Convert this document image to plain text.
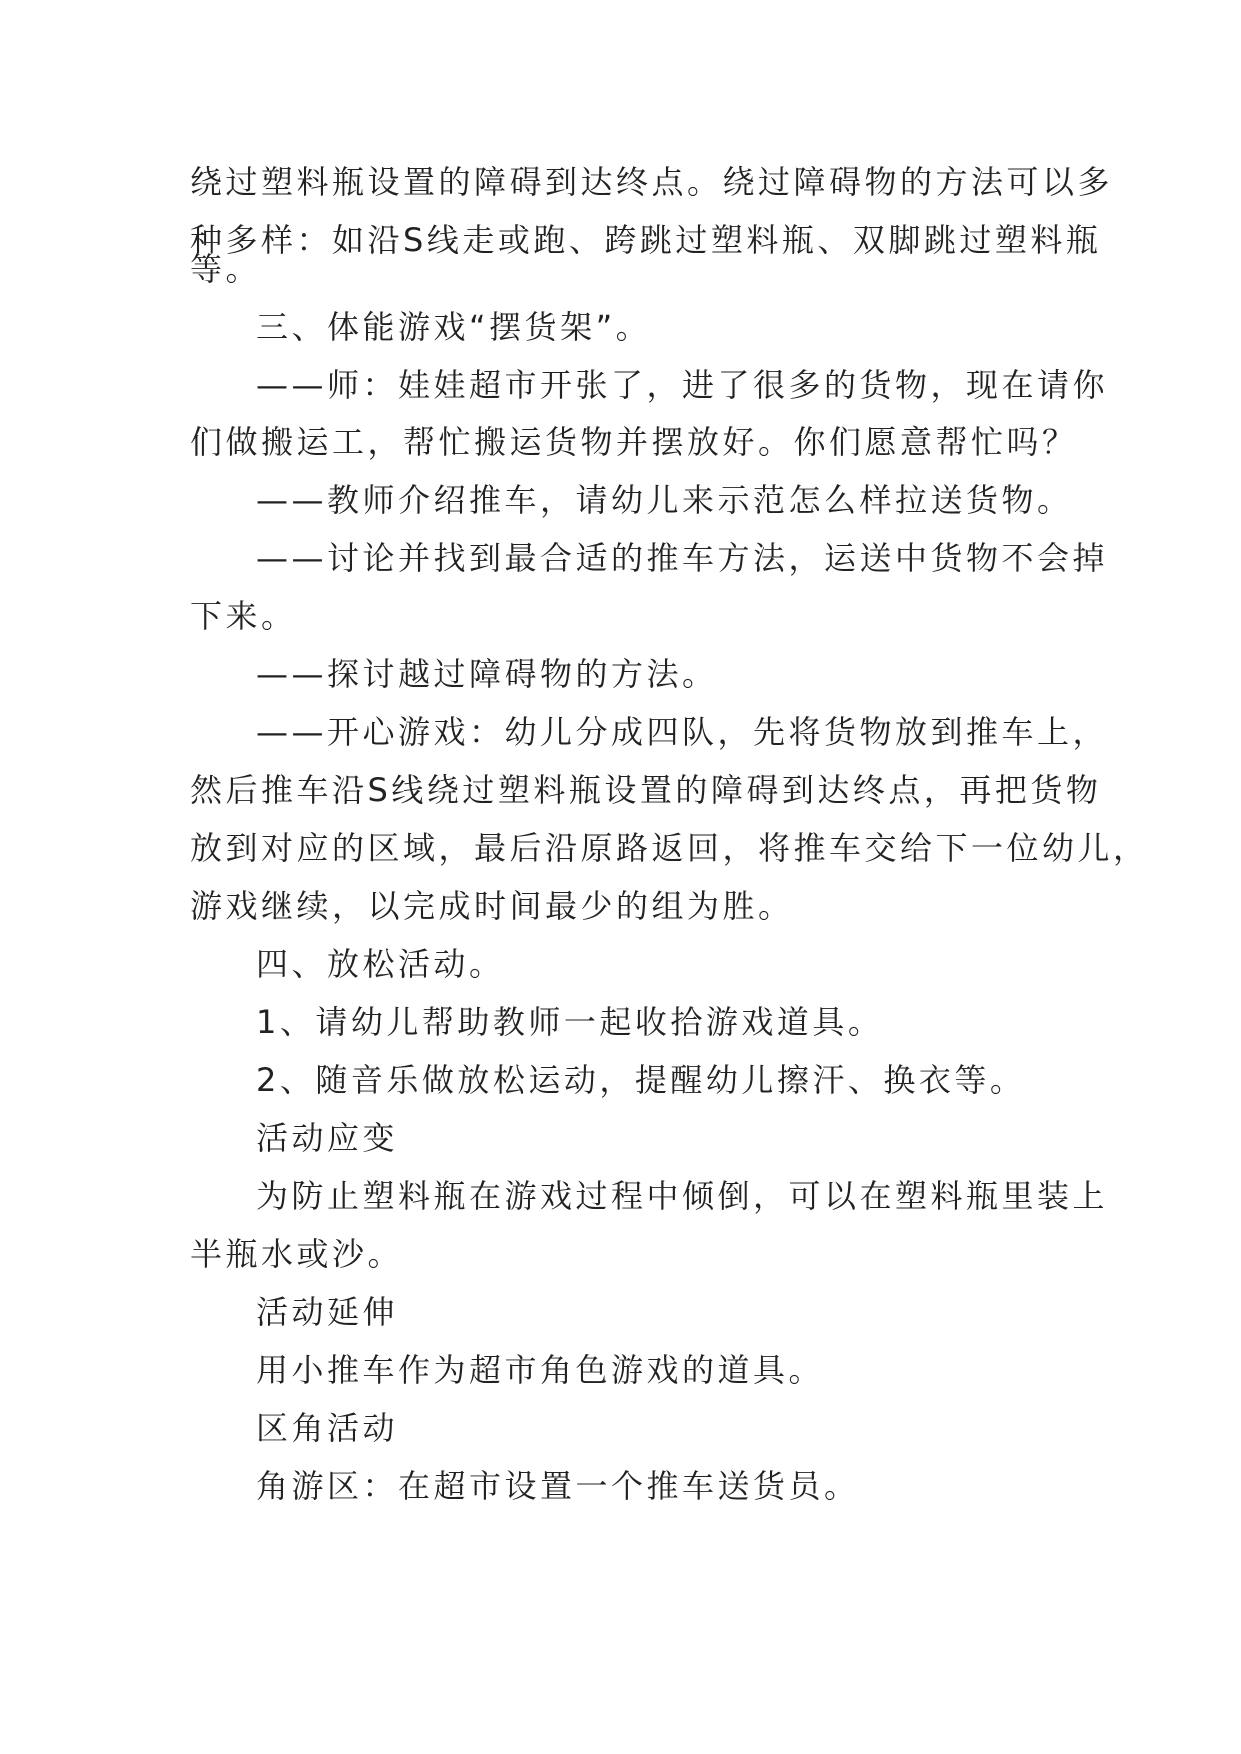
绕过塑料瓶设置的障碍到达终点。绕过障碍物的方法可以多
种多样：如沿S线走或跑、跨跳过塑料瓶、双脚跳过塑料瓶
等。
三、体能游戏“摆货架”。
——师：娃娃超市开张了，进了很多的货物，现在请你
们做搬运工，帮忙搬运货物并摆放好。你们愿意帮忙吗？
——教师介绍推车，请幼儿来示范怎么样拉送货物。
——讨论并找到最合适的推车方法，运送中货物不会掉
下来。
——探讨越过障碍物的方法。
——开心游戏：幼儿分成四队，先将货物放到推车上，
然后推车沿S线绕过塑料瓶设置的障碍到达终点，再把货物
放到对应的区域，最后沿原路返回，将推车交给下一位幼儿，
游戏继续，以完成时间最少的组为胜。
四、放松活动。
1、请幼儿帮助教师一起收拾游戏道具。
2、随音乐做放松运动，提醒幼儿擦汗、换衣等。
活动应变
为防止塑料瓶在游戏过程中倾倒，可以在塑料瓶里装上
半瓶水或沙。
活动延伸
用小推车作为超市角色游戏的道具。
区角活动
角游区：在超市设置一个推车送货员。
